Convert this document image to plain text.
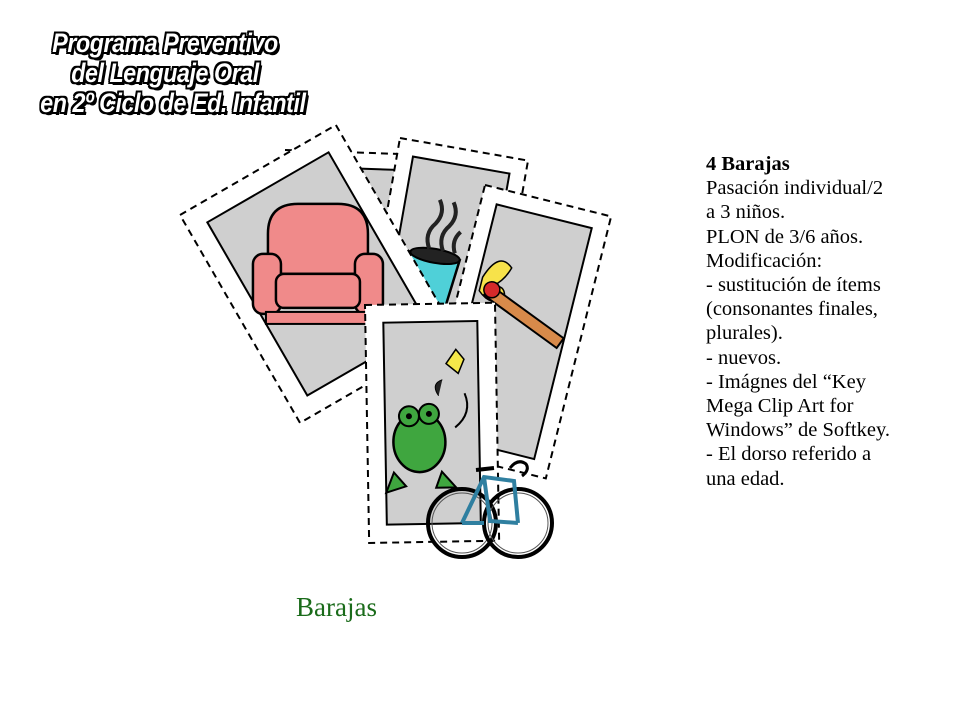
Programa Preventivo
del Lenguaje Oral
en 2º Ciclo de Ed. Infantil
Barajas
4 Barajas
Pasación individual/2
a 3 niños.
PLON de 3/6 años.
Modificación:
- sustitución de ítems
(consonantes finales,
plurales).
- nuevos.
- Imágnes del “Key
Mega Clip Art for
Windows” de Softkey.
- El dorso referido a
una edad.
